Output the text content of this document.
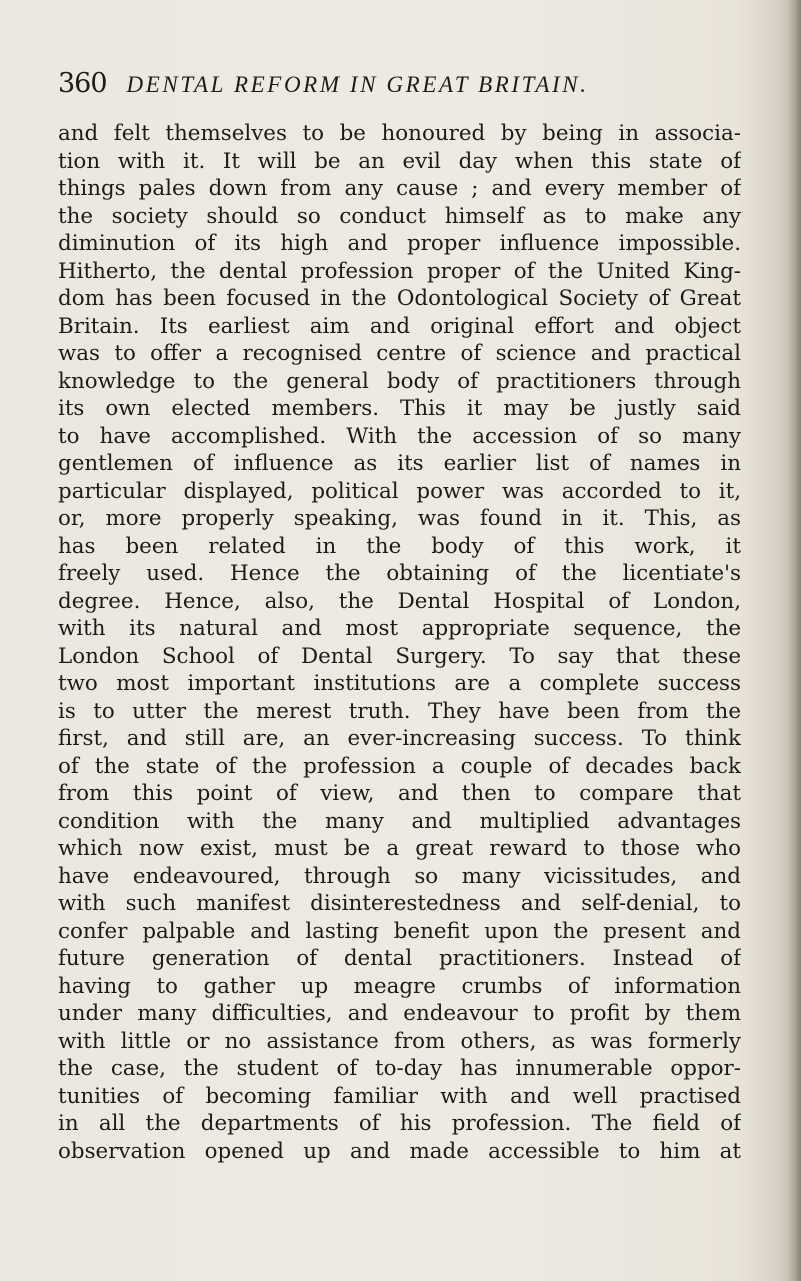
360 DENTAL REFORM IN GREAT BRITAIN.
and felt themselves to be honoured by being in associa-
tion with it. It will be an evil day when this state of
things pales down from any cause ; and every member of
the society should so conduct himself as to make any
diminution of its high and proper influence impossible.
Hitherto, the dental profession proper of the United King-
dom has been focused in the Odontological Society of Great
Britain. Its earliest aim and original effort and object
was to offer a recognised centre of science and practical
knowledge to the general body of practitioners through
its own elected members. This it may be justly said
to have accomplished. With the accession of so many
gentlemen of influence as its earlier list of names in
particular displayed, political power was accorded to it,
or, more properly speaking, was found in it. This, as
has been related in the body of this work, it
freely used. Hence the obtaining of the licentiate's
degree. Hence, also, the Dental Hospital of London,
with its natural and most appropriate sequence, the
London School of Dental Surgery. To say that these
two most important institutions are a complete success
is to utter the merest truth. They have been from the
first, and still are, an ever-increasing success. To think
of the state of the profession a couple of decades back
from this point of view, and then to compare that
condition with the many and multiplied advantages
which now exist, must be a great reward to those who
have endeavoured, through so many vicissitudes, and
with such manifest disinterestedness and self-denial, to
confer palpable and lasting benefit upon the present and
future generation of dental practitioners. Instead of
having to gather up meagre crumbs of information
under many difficulties, and endeavour to profit by them
with little or no assistance from others, as was formerly
the case, the student of to-day has innumerable oppor-
tunities of becoming familiar with and well practised
in all the departments of his profession. The field of
observation opened up and made accessible to him at
